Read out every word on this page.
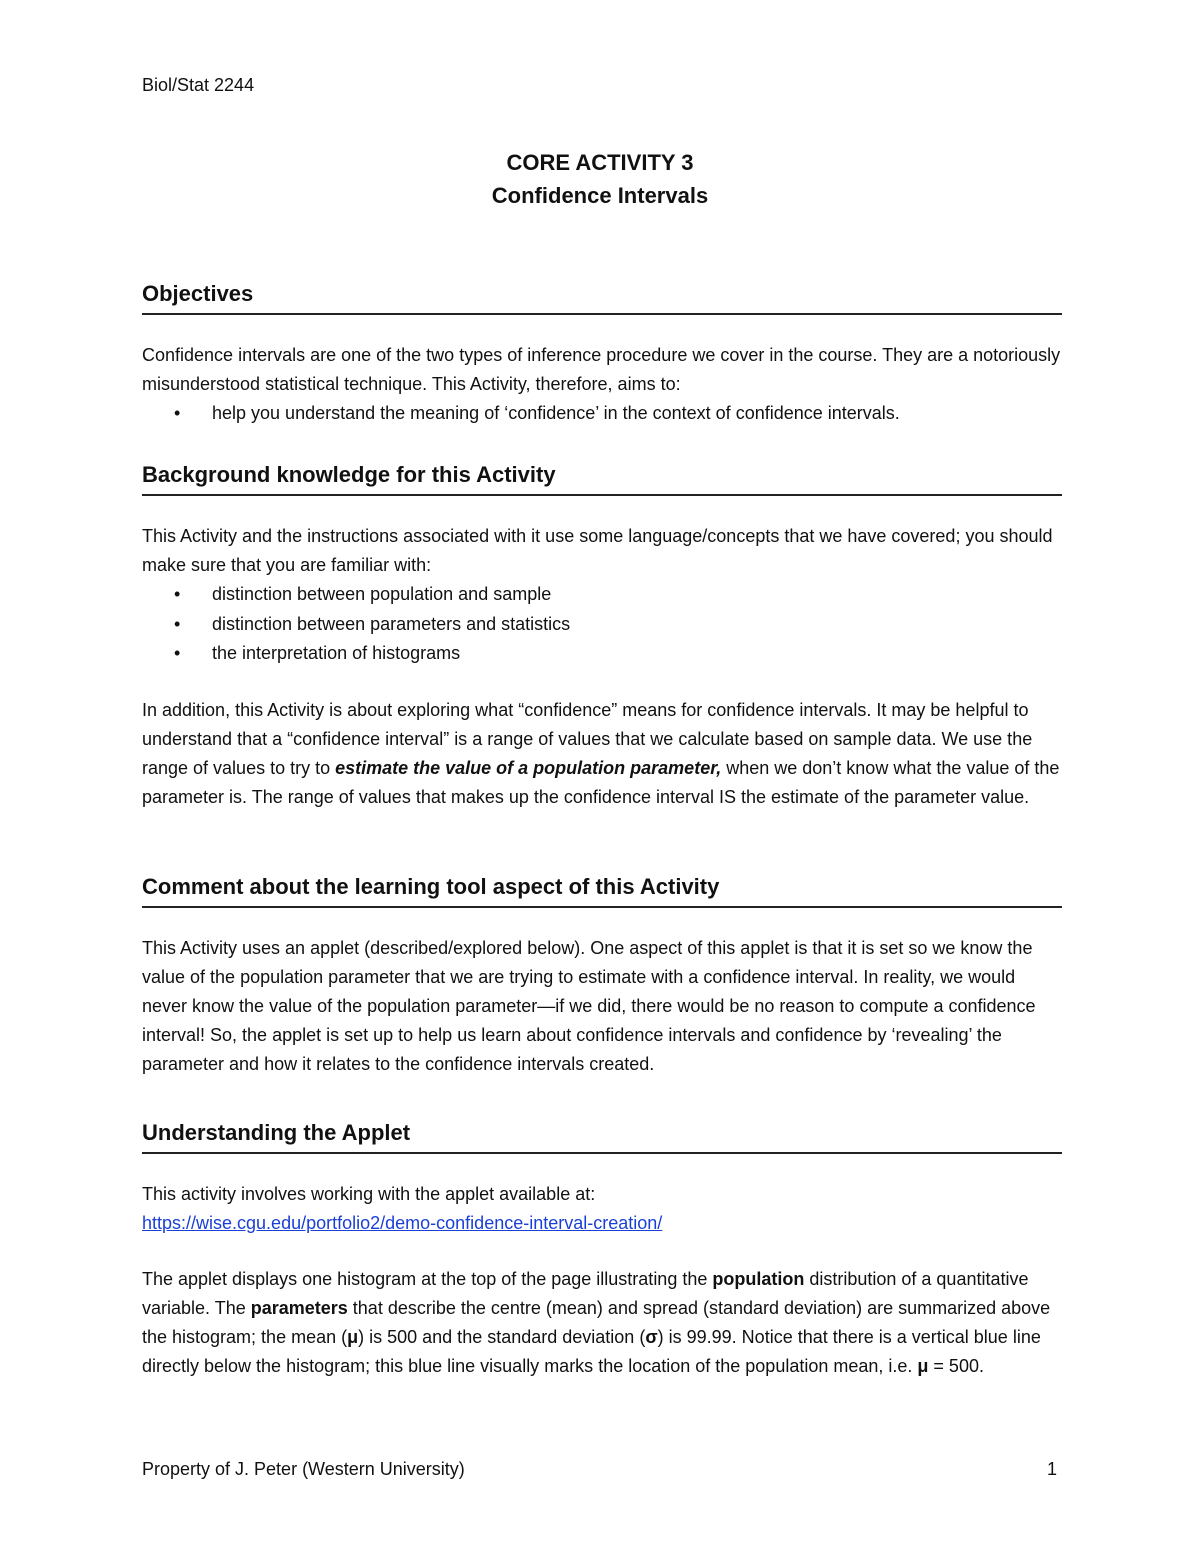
Biol/Stat 2244
CORE ACTIVITY 3
Confidence Intervals
Objectives

Confidence intervals are one of the two types of inference procedure we cover in the course. They are a notoriously misunderstood statistical technique. This Activity, therefore, aims to:

• help you understand the meaning of ‘confidence’ in the context of confidence intervals.
Background knowledge for this Activity

This Activity and the instructions associated with it use some language/concepts that we have covered; you should make sure that you are familiar with:

• distinction between population and sample
• distinction between parameters and statistics
• the interpretation of histograms

In addition, this Activity is about exploring what “confidence” means for confidence intervals. It may be helpful to understand that a “confidence interval” is a range of values that we calculate based on sample data. We use the range of values to try to estimate the value of a population parameter, when we don’t know what the value of the parameter is. The range of values that makes up the confidence interval IS the estimate of the parameter value.

Comment about the learning tool aspect of this Activity

This Activity uses an applet (described/explored below). One aspect of this applet is that it is set so we know the value of the population parameter that we are trying to estimate with a confidence interval. In reality, we would never know the value of the population parameter—if we did, there would be no reason to compute a confidence interval! So, the applet is set up to help us learn about confidence intervals and confidence by ‘revealing’ the parameter and how it relates to the confidence intervals created.

Understanding the Applet

This activity involves working with the applet available at:

https://wise.cgu.edu/portfolio2/demo-confidence-interval-creation/

The applet displays one histogram at the top of the page illustrating the population distribution of a quantitative variable. The parameters that describe the centre (mean) and spread (standard deviation) are summarized above the histogram; the mean (μ) is 500 and the standard deviation (σ) is 99.99. Notice that there is a vertical blue line directly below the histogram; this blue line visually marks the location of the population mean, i.e. μ = 500.

Property of J. Peter (Western University)	1
